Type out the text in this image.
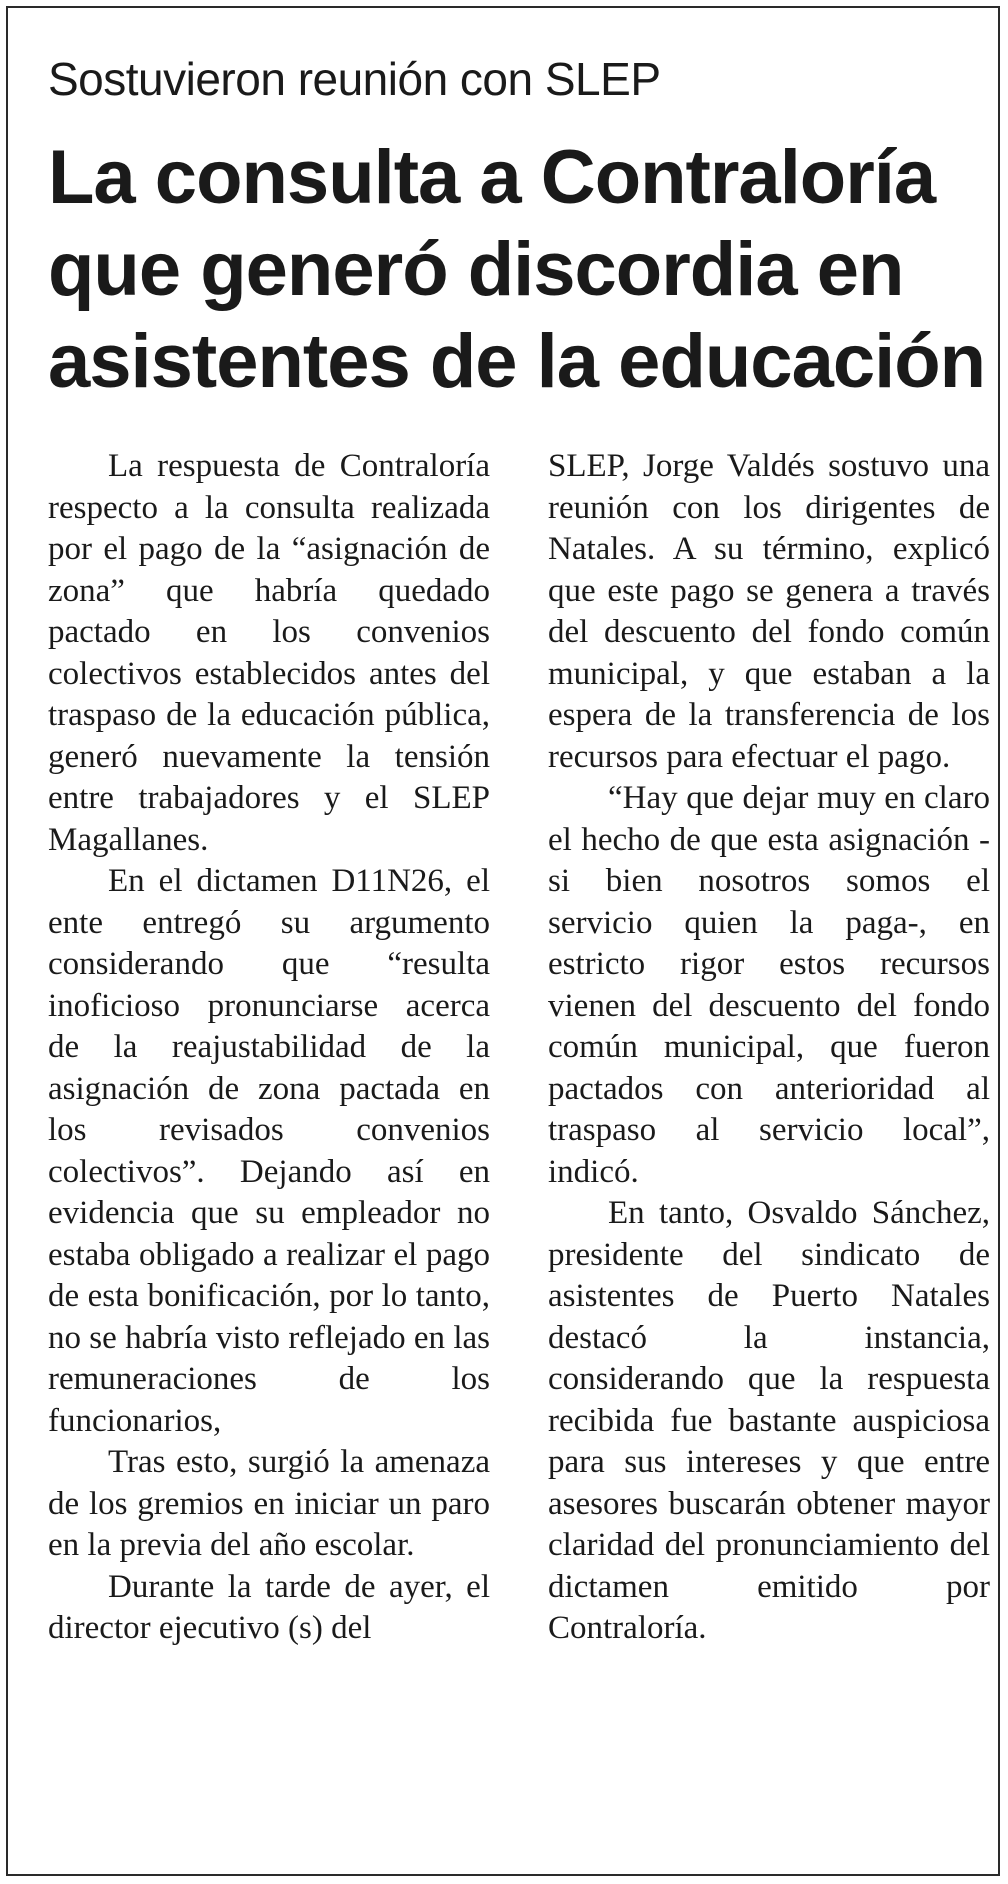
Sostuvieron reunión con SLEP
La consulta a Contraloría
que generó discordia en
asistentes de la educación

La respuesta de Contraloría respecto a la consulta realizada por el pago de la “asignación de zona” que habría quedado pactado en los convenios colectivos establecidos antes del traspaso de la educación pública, generó nuevamente la tensión entre trabajadores y el SLEP Magallanes.

En el dictamen D11N26, el ente entregó su argumento considerando que “resulta inoficioso pronunciarse acerca de la reajustabilidad de la asignación de zona pactada en los revisados convenios colectivos”. Dejando así en evidencia que su empleador no estaba obligado a realizar el pago de esta bonificación, por lo tanto, no se habría visto reflejado en las remuneraciones de los funcionarios,

Tras esto, surgió la amenaza de los gremios en iniciar un paro en la previa del año escolar.

Durante la tarde de ayer, el director ejecutivo (s) del

SLEP, Jorge Valdés sostuvo una reunión con los dirigentes de Natales. A su término, explicó que este pago se genera a través del descuento del fondo común municipal, y que estaban a la espera de la transferencia de los recursos para efectuar el pago.

“Hay que dejar muy en claro el hecho de que esta asignación -si bien nosotros somos el servicio quien la paga-, en estricto rigor estos recursos vienen del descuento del fondo común municipal, que fueron pactados con anterioridad al traspaso al servicio local”, indicó.

En tanto, Osvaldo Sánchez, presidente del sindicato de asistentes de Puerto Natales destacó la instancia, considerando que la respuesta recibida fue bastante auspiciosa para sus intereses y que entre asesores buscarán obtener mayor claridad del pronunciamiento del dictamen emitido por Contraloría.
